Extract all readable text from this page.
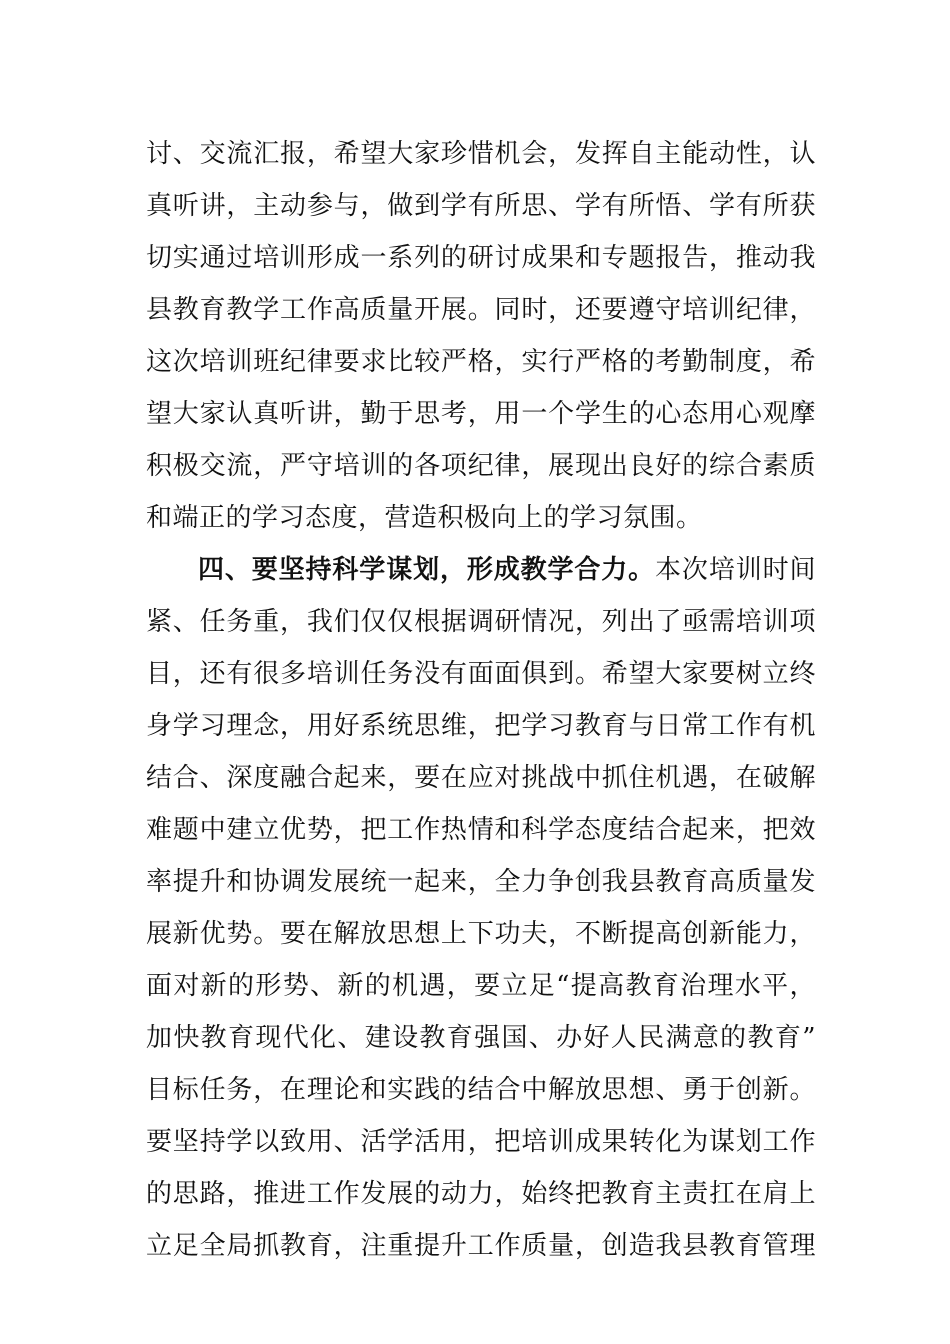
讨、交流汇报，希望大家珍惜机会，发挥自主能动性，认
真听讲，主动参与，做到学有所思、学有所悟、学有所获
切实通过培训形成一系列的研讨成果和专题报告，推动我
县教育教学工作高质量开展。同时，还要遵守培训纪律，
这次培训班纪律要求比较严格，实行严格的考勤制度，希
望大家认真听讲，勤于思考，用一个学生的心态用心观摩
积极交流，严守培训的各项纪律，展现出良好的综合素质
和端正的学习态度，营造积极向上的学习氛围。
四、要坚持科学谋划，形成教学合力。本次培训时间
紧、任务重，我们仅仅根据调研情况，列出了亟需培训项
目，还有很多培训任务没有面面俱到。希望大家要树立终
身学习理念，用好系统思维，把学习教育与日常工作有机
结合、深度融合起来，要在应对挑战中抓住机遇，在破解
难题中建立优势，把工作热情和科学态度结合起来，把效
率提升和协调发展统一起来，全力争创我县教育高质量发
展新优势。要在解放思想上下功夫，不断提高创新能力，
面对新的形势、新的机遇，要立足“提高教育治理水平，
加快教育现代化、建设教育强国、办好人民满意的教育”
目标任务，在理论和实践的结合中解放思想、勇于创新。
要坚持学以致用、活学活用，把培训成果转化为谋划工作
的思路，推进工作发展的动力，始终把教育主责扛在肩上
立足全局抓教育，注重提升工作质量，创造我县教育管理
